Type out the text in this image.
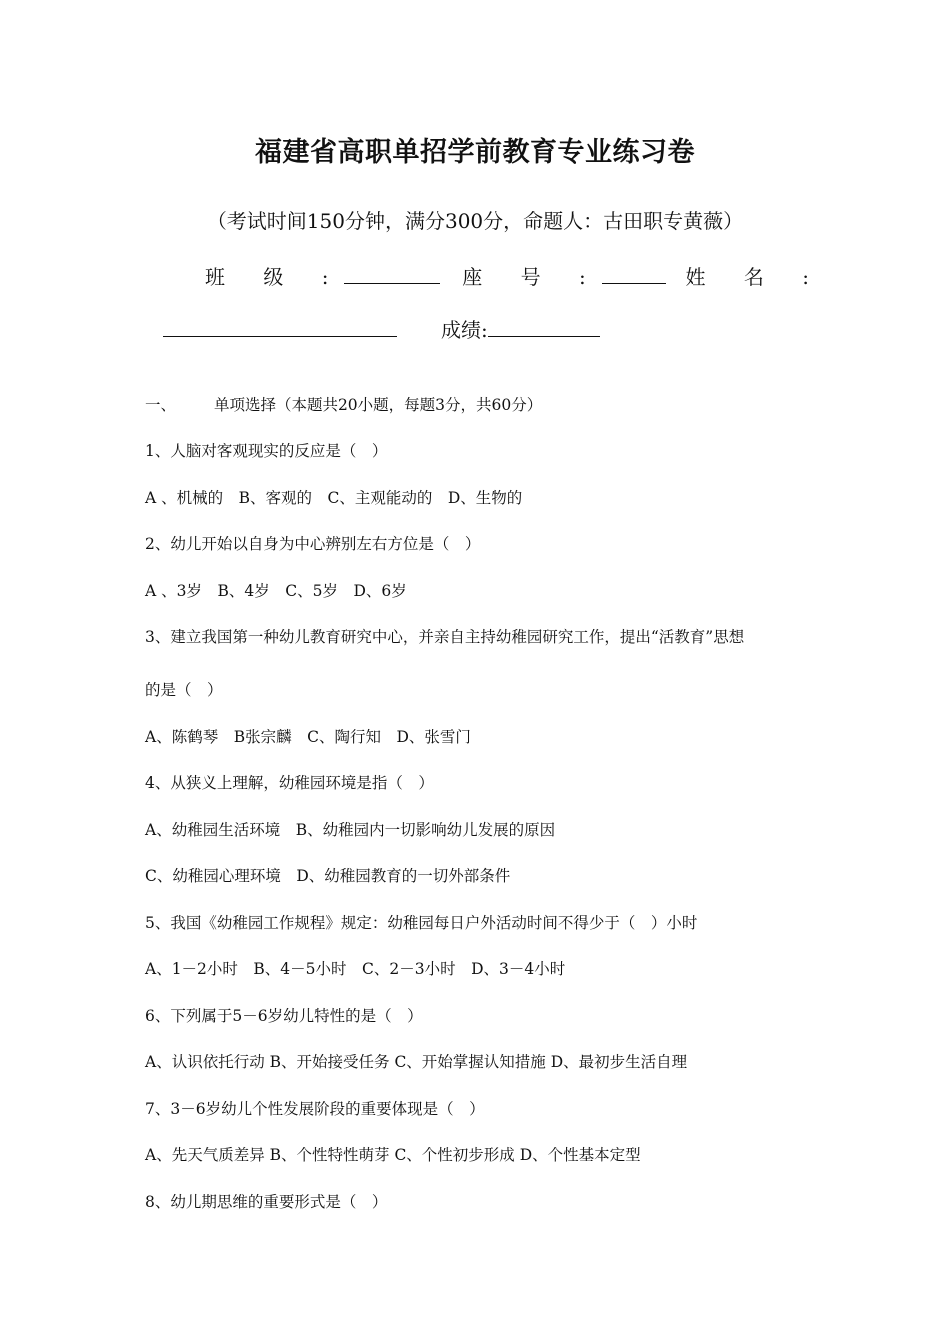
福建省高职单招学前教育专业练习卷
（考试时间150分钟，满分300分，命题人：古田职专黄薇）
班 级 :	座 号 :	姓 名 :
成绩:
一、 单项选择（本题共20小题，每题3分，共60分）
1、人脑对客观现实的反应是（　）
A 、机械的　B、客观的　C、主观能动的　D、生物的
2、幼儿开始以自身为中心辨别左右方位是（　）
A 、3岁　B、4岁　C、5岁　D、6岁
3、建立我国第一种幼儿教育研究中心，并亲自主持幼稚园研究工作，提出“活教育”思想
的是（　）
A、陈鹤琴　B张宗麟　C、陶行知　D、张雪门
4、从狭义上理解，幼稚园环境是指（　）
A、幼稚园生活环境　B、幼稚园内一切影响幼儿发展的原因
C、幼稚园心理环境　D、幼稚园教育的一切外部条件
5、我国《幼稚园工作规程》规定：幼稚园每日户外活动时间不得少于（　）小时
A、1－2小时　B、4－5小时　C、2－3小时　D、3－4小时
6、下列属于5－6岁幼儿特性的是（　）
A、认识依托行动 B、开始接受任务 C、开始掌握认知措施 D、最初步生活自理
7、3－6岁幼儿个性发展阶段的重要体现是（　）
A、先天气质差异 B、个性特性萌芽 C、个性初步形成 D、个性基本定型
8、幼儿期思维的重要形式是（　）
